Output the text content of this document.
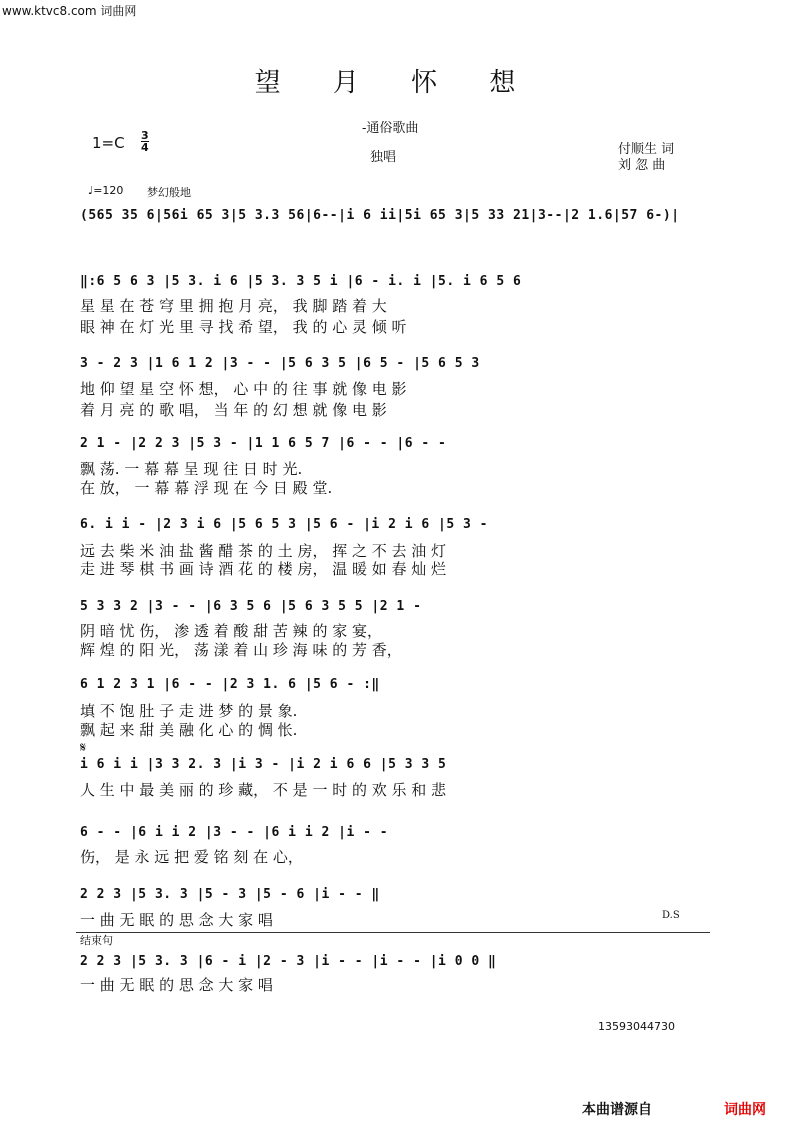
www.ktvc8.com 词曲网
望 月 怀 想
-通俗歌曲
1=C 3
4
独唱
付顺生 词
刘 忽 曲
♩=120 梦幻般地
(565 35 6|56i 65 3|5 3.3 56|6--|i 6 ii|5i 65 3|5 33 21|3--|2 1.6|57 6-)|
‖:6 5 6 3 |5 3. i 6 |5 3. 3 5 i |6 - i. i |5. i 6 5 6
星 星 在 苍 穹 里 拥 抱 月 亮， 我 脚 踏 着 大
眼 神 在 灯 光 里 寻 找 希 望， 我 的 心 灵 倾 听
3 - 2 3 |1 6 1 2 |3 - - |5 6 3 5 |6 5 - |5 6 5 3
地 仰 望 星 空 怀 想， 心 中 的 往 事 就 像 电 影
着 月 亮 的 歌 唱， 当 年 的 幻 想 就 像 电 影
2 1 - |2 2 3 |5 3 - |1 1 6 5 7 |6 - - |6 - -
飘 荡. 一 幕 幕 呈 现 往 日 时 光.
在 放， 一 幕 幕 浮 现 在 今 日 殿 堂.
6. i i - |2 3 i 6 |5 6 5 3 |5 6 - |i 2 i 6 |5 3 -
远 去 柴 米 油 盐 酱 醋 茶 的 土 房， 挥 之 不 去 油 灯
走 进 琴 棋 书 画 诗 酒 花 的 楼 房， 温 暖 如 春 灿 烂
5 3 3 2 |3 - - |6 3 5 6 |5 6 3 5 5 |2 1 -
阴 暗 忧 伤， 渗 透 着 酸 甜 苦 辣 的 家 宴，
辉 煌 的 阳 光， 荡 漾 着 山 珍 海 味 的 芳 香，
6 1 2 3 1 |6 - - |2 3 1. 6 |5 6 - :‖
填 不 饱 肚 子 走 进 梦 的 景 象.
飘 起 来 甜 美 融 化 心 的 惆 怅.
𝄋
i 6 i i |3 3 2. 3 |i 3 - |i 2 i 6 6 |5 3 3 5
人 生 中 最 美 丽 的 珍 藏， 不 是 一 时 的 欢 乐 和 悲
6 - - |6 i i 2 |3 - - |6 i i 2 |i - -
伤， 是 永 远 把 爱 铭 刻 在 心，
2 2 3 |5 3. 3 |5 - 3 |5 - 6 |i - - ‖
一 曲 无 眠 的 思 念 大 家 唱	D.S
结束句
2 2 3 |5 3. 3 |6 - i |2 - 3 |i - - |i - - |i 0 0 ‖
一 曲 无 眠 的 思 念 大 家 唱
13593044730
本曲谱源自	词曲网
